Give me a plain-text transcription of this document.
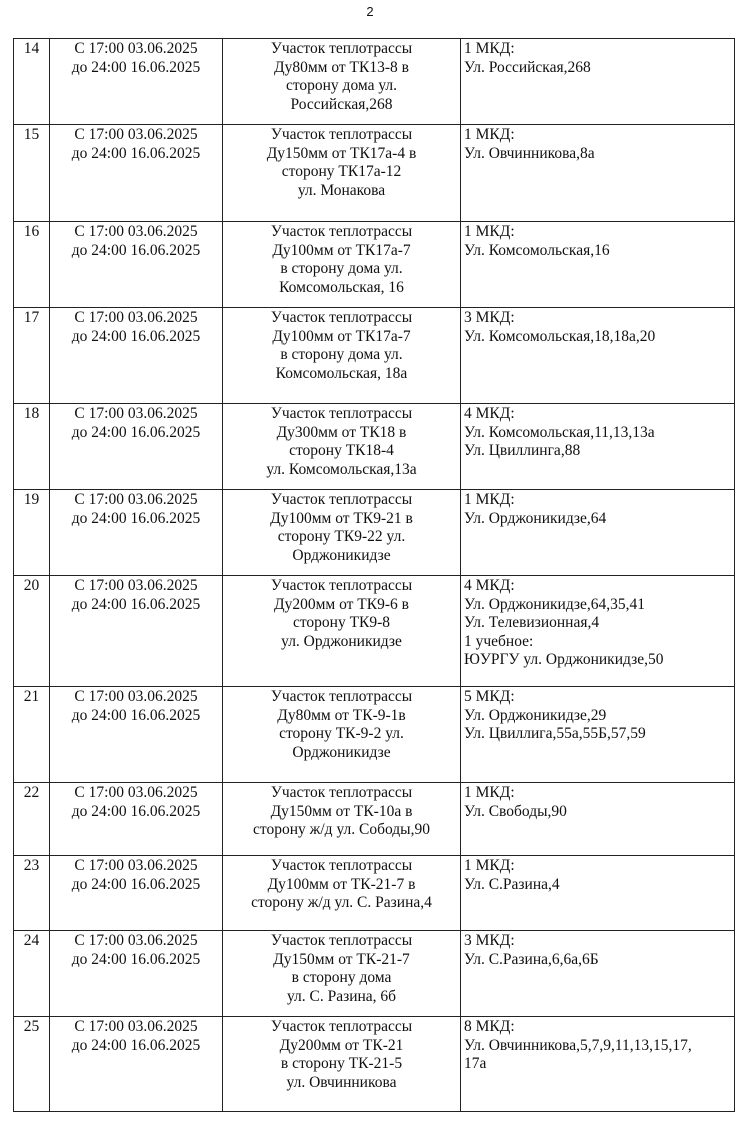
2
14	С 17:00 03.06.2025
до 24:00 16.06.2025	Участок теплотрассы
Ду80мм от ТК13-8 в
сторону дома ул.
Российская,268	1 МКД:
Ул. Российская,268

15	С 17:00 03.06.2025
до 24:00 16.06.2025	Участок теплотрассы
Ду150мм от ТК17а-4 в
сторону ТК17а-12
ул. Монакова	1 МКД:
Ул. Овчинникова,8а

16	С 17:00 03.06.2025
до 24:00 16.06.2025	Участок теплотрассы
Ду100мм от ТК17а-7
в сторону дома ул.
Комсомольская, 16	1 МКД:
Ул. Комсомольская,16

17	С 17:00 03.06.2025
до 24:00 16.06.2025	Участок теплотрассы
Ду100мм от ТК17а-7
в сторону дома ул.
Комсомольская, 18а	3 МКД:
Ул. Комсомольская,18,18а,20

18	С 17:00 03.06.2025
до 24:00 16.06.2025	Участок теплотрассы
Ду300мм от ТК18 в
сторону ТК18-4
ул. Комсомольская,13а	4 МКД:
Ул. Комсомольская,11,13,13а
Ул. Цвиллинга,88

19	С 17:00 03.06.2025
до 24:00 16.06.2025	Участок теплотрассы
Ду100мм от ТК9-21 в
сторону ТК9-22 ул.
Орджоникидзе	1 МКД:
Ул. Орджоникидзе,64

20	С 17:00 03.06.2025
до 24:00 16.06.2025	Участок теплотрассы
Ду200мм от ТК9-6 в
сторону ТК9-8
ул. Орджоникидзе	4 МКД:
Ул. Орджоникидзе,64,35,41
Ул. Телевизионная,4
1 учебное:
ЮУРГУ ул. Орджоникидзе,50

21	С 17:00 03.06.2025
до 24:00 16.06.2025	Участок теплотрассы
Ду80мм от ТК-9-1в
сторону ТК-9-2 ул.
Орджоникидзе	5 МКД:
Ул. Орджоникидзе,29
Ул. Цвиллига,55а,55Б,57,59

22	С 17:00 03.06.2025
до 24:00 16.06.2025	Участок теплотрассы
Ду150мм от ТК-10а в
сторону ж/д ул. Сободы,90	1 МКД:
Ул. Свободы,90

23	С 17:00 03.06.2025
до 24:00 16.06.2025	Участок теплотрассы
Ду100мм от ТК-21-7 в
сторону ж/д ул. С. Разина,4	1 МКД:
Ул. С.Разина,4

24	С 17:00 03.06.2025
до 24:00 16.06.2025	Участок теплотрассы
Ду150мм от ТК-21-7
в сторону дома
ул. С. Разина, 6б	3 МКД:
Ул. С.Разина,6,6а,6Б

25	С 17:00 03.06.2025
до 24:00 16.06.2025	Участок теплотрассы
Ду200мм от ТК-21
в сторону ТК-21-5
ул. Овчинникова	8 МКД:
Ул. Овчинникова,5,7,9,11,13,15,17,
17а
